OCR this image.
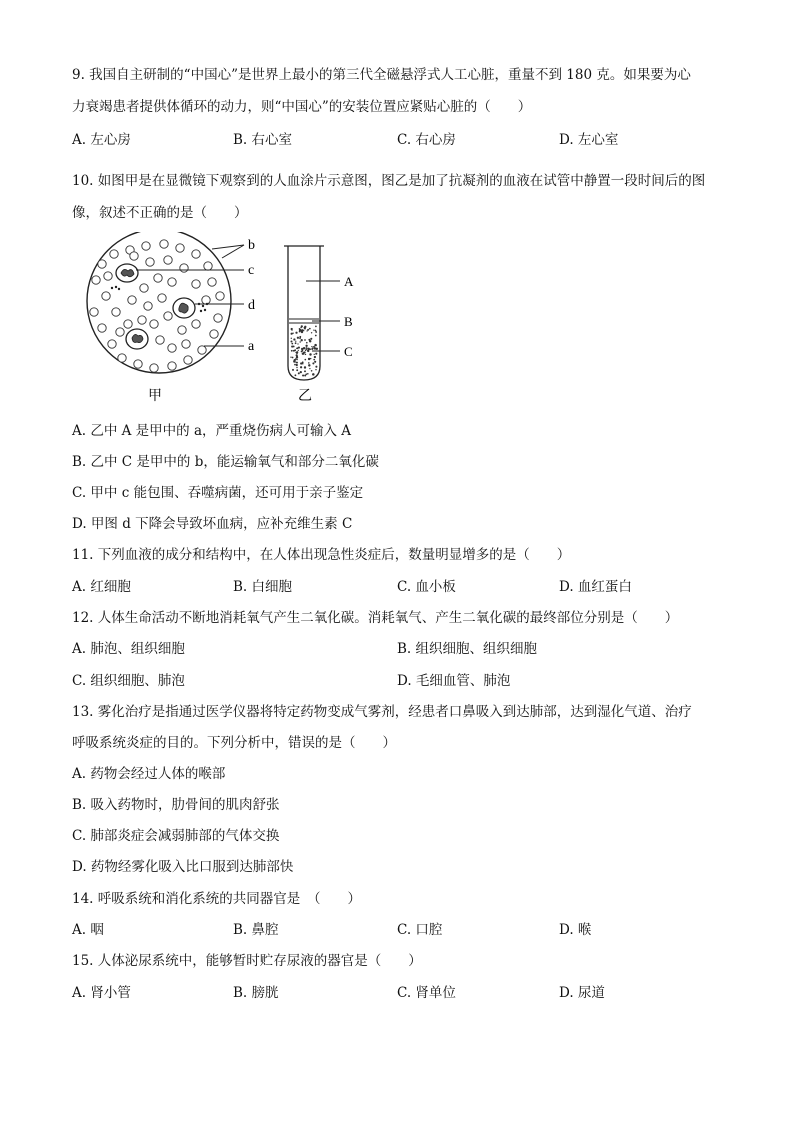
9. 我国自主研制的“中国心”是世界上最小的第三代全磁悬浮式人工心脏，重量不到 180 克。如果要为心
力衰竭患者提供体循环的动力，则“中国心”的安装位置应紧贴心脏的（　　）
A. 左心房	B. 右心室	C. 右心房	D. 左心室
10. 如图甲是在显微镜下观察到的人血涂片示意图，图乙是加了抗凝剂的血液在试管中静置一段时间后的图
像，叙述不正确的是（　　）
b
c
d
a
甲
A
B
C
乙
A. 乙中 A 是甲中的 a，严重烧伤病人可输入 A
B. 乙中 C 是甲中的 b，能运输氧气和部分二氧化碳
C. 甲中 c 能包围、吞噬病菌，还可用于亲子鉴定
D. 甲图 d 下降会导致坏血病，应补充维生素 C
11. 下列血液的成分和结构中，在人体出现急性炎症后，数量明显增多的是（　　）
A. 红细胞	B. 白细胞	C. 血小板	D. 血红蛋白
12. 人体生命活动不断地消耗氧气产生二氧化碳。消耗氧气、产生二氧化碳的最终部位分别是（　　）
A. 肺泡、组织细胞	B. 组织细胞、组织细胞
C. 组织细胞、肺泡	D. 毛细血管、肺泡
13. 雾化治疗是指通过医学仪器将特定药物变成气雾剂，经患者口鼻吸入到达肺部，达到湿化气道、治疗
呼吸系统炎症的目的。下列分析中，错误的是（　　）
A. 药物会经过人体的喉部
B. 吸入药物时，肋骨间的肌肉舒张
C. 肺部炎症会减弱肺部的气体交换
D. 药物经雾化吸入比口服到达肺部快
14. 呼吸系统和消化系统的共同器官是　（　　）
A. 咽	B. 鼻腔	C. 口腔	D. 喉
15. 人体泌尿系统中，能够暂时贮存尿液的器官是（　　）
A. 肾小管	B. 膀胱	C. 肾单位	D. 尿道
